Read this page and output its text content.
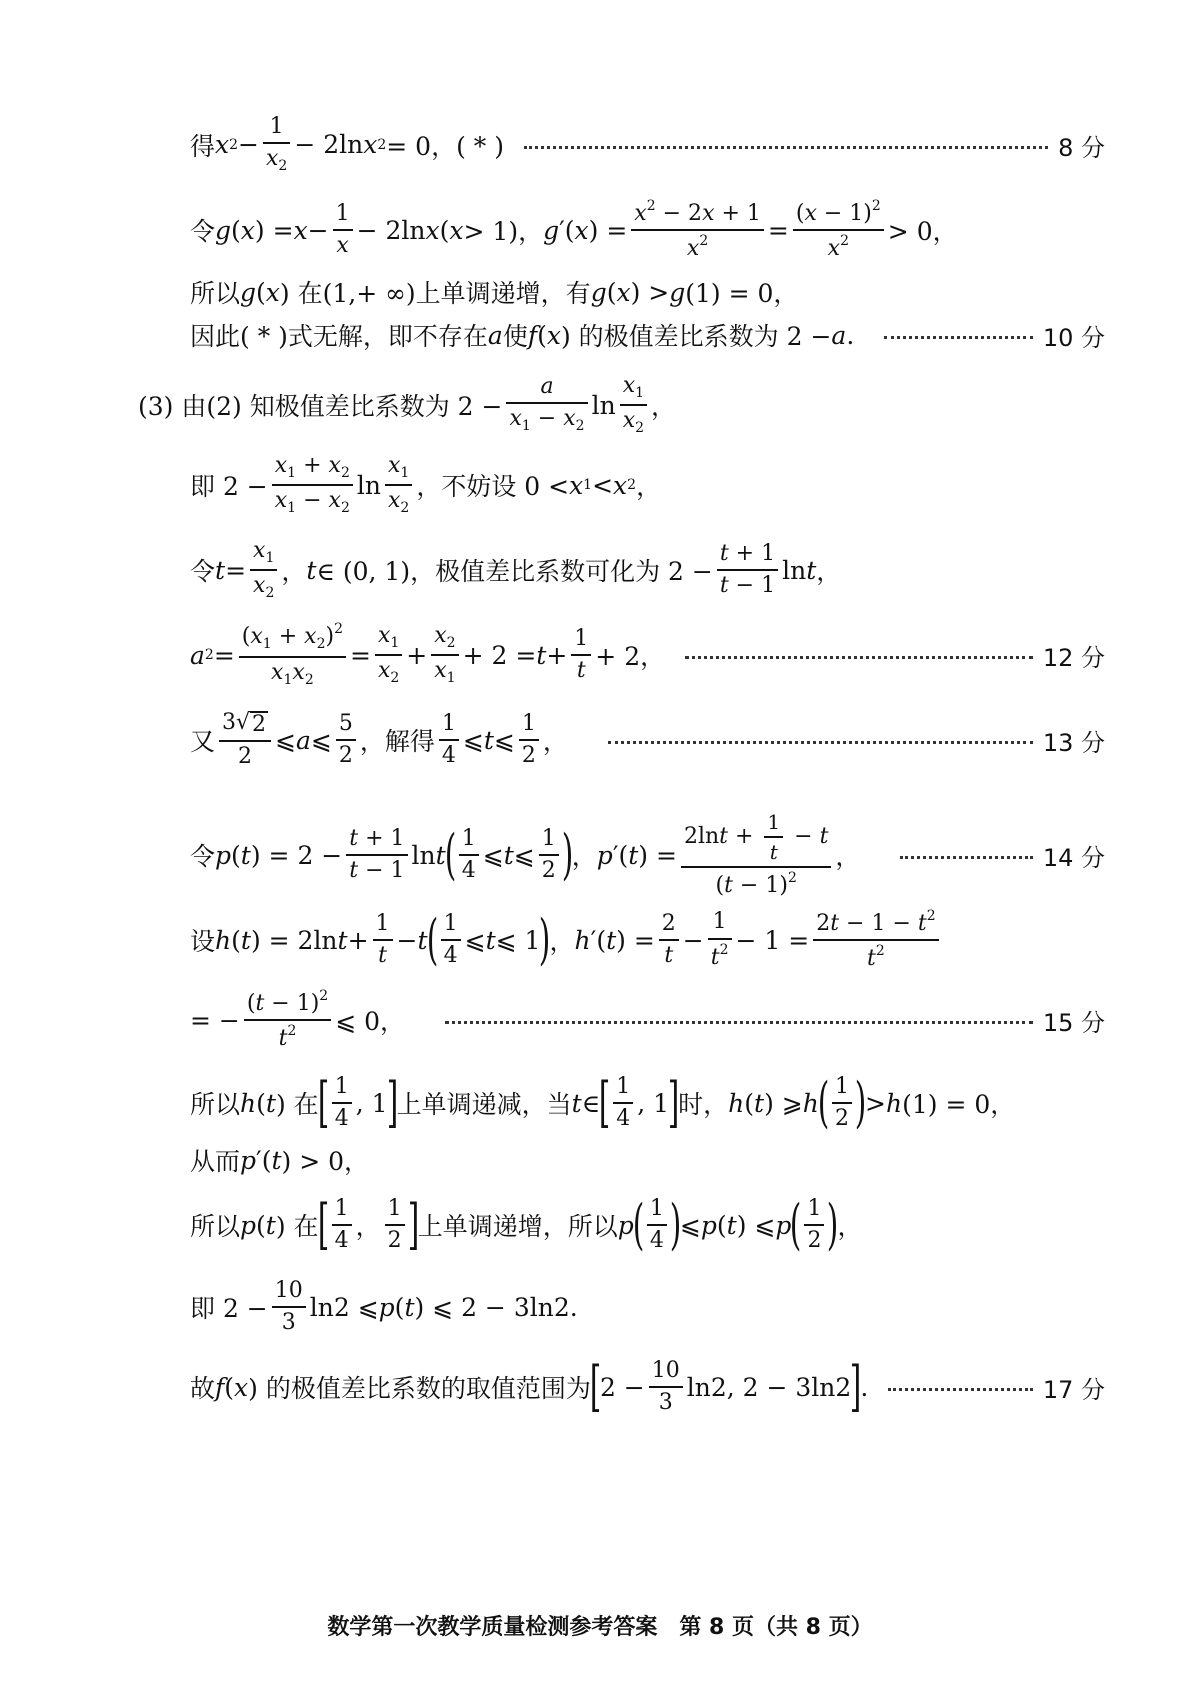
得 x $2 - \frac{1}{x_2} - 2\ln$ x 2 = 0，( * )	8 分
令 g ( x ) = $x - \frac{1}{x} - 2\ln$ x ( x > 1)， g ′( x ) = $\frac{x^2 - 2x + 1}{x^2} = \frac{(x - 1)^2}{x^2} > 0$，
所以 g ( x ) 在(1,+ ∞)上单调递增，有 g ( x ) > g (1) = 0，
因此( * )式无解，即不存在 a 使 f ( x ) 的极值差比系数为 2 − a .	10 分
(3) 由(2) 知极值差比系数为 $2 - \frac{a}{x_1 - x_2}$ $\ln \frac{x_1}{x_2}$ ，
即 $2 - \frac{x_1 + x_2}{x_1 - x_2}$ $\ln \frac{x_1}{x_2}$ ，不妨设 0 < x 1 < x 2 ，
令 $t = \frac{x_1}{x_2}$ ， t ∈ (0, 1)，极值差比系数可化为 $2 - \frac{t + 1}{t - 1}$ ln t ，
a $2 = \frac{(x_1 + x_2)^2}{x_1x_2} = \frac{x_1}{x_2} + \frac{x_2}{x_1} + 2 = t + \frac{1}{t} + 2$，	12 分
又 $\frac{3√ 2}{2}$ ⩽ a ⩽ $\frac{5}{2}$ ，解得 $\frac{1}{4}$ ⩽ t ⩽ $\frac{1}{2}$ ，	13 分
令 p ( t ) = $2 - \frac{t + 1}{t - 1}$ ln t
( $\frac{1}{4}$ ⩽ t ⩽ $\frac{1}{2}$ )
， p ′( t ) = $\frac{2\ln t + \frac{1}{t} - t}{(t - 1)^2}$ ，	14 分
设 h ( t ) = 2ln $t + \frac{1}{t} - t$
( $\frac{1}{4}$ ⩽ t ⩽ 1
)
， h ′( t ) = $\frac{2}{t} - \frac{1}{t^2} - 1 = \frac{2t - 1 - t^2}{t^2}$
= − $\frac{(t - 1)^2}{t^2}$ ⩽ 0，	15 分
所以 h ( t ) 在
[ $\frac{1}{4}$ , 1
]
上单调递减，当 t ∈
[ $\frac{1}{4}$ , 1
]
时， h ( t ) ⩾ h
( $\frac{1}{2}$ )
> h (1) = 0，
从而 p ′( t ) > 0，
所以 p ( t ) 在
[ $\frac{1}{4}$ ， $\frac{1}{2}$ ]
上单调递增，所以 p
( $\frac{1}{4}$ )
⩽ p ( t ) ⩽ p
( $\frac{1}{2}$ )
，
即 $2 - \frac{10}{3} \ln 2$ ⩽ p ( t ) ⩽ 2 − 3ln2.
故 f ( x ) 的极值差比系数的取值范围为
[
$2 - \frac{10}{3} \ln 2$, 2 − 3ln2
]
.	17 分
数学第一次教学质量检测参考答案　第 8 页（共 8 页）
